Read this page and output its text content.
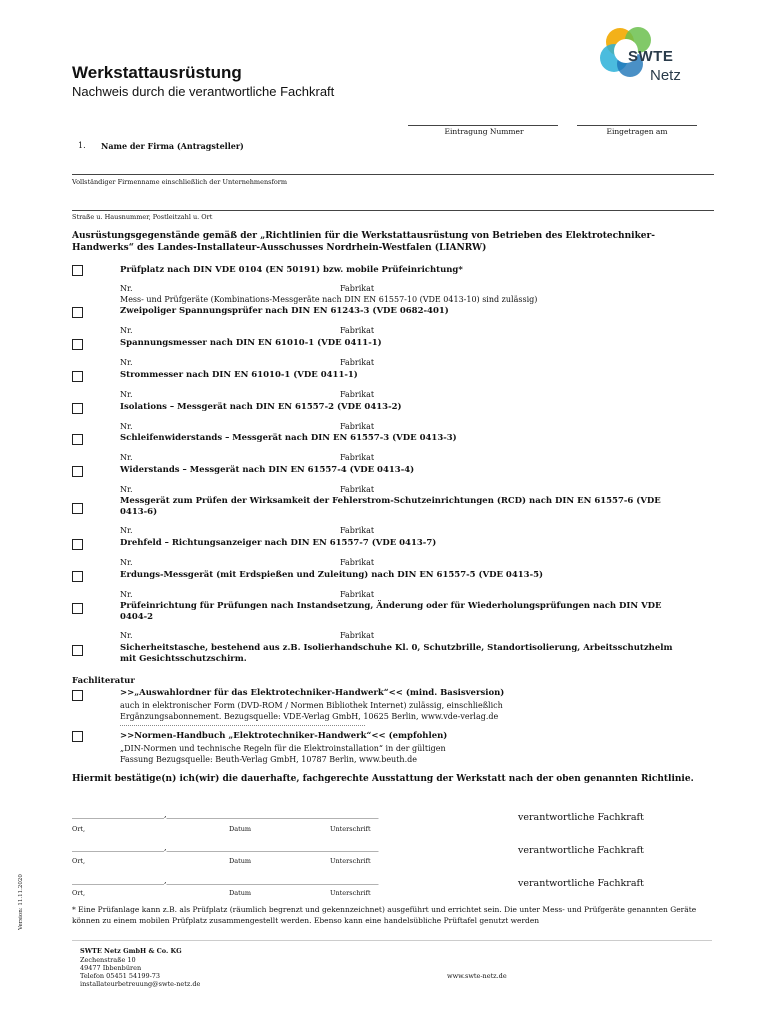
Werkstattausrüstung
Nachweis durch die verantwortliche Fachkraft
SWTE
Netz
Eintragung Nummer	Eingetragen am
1. Name der Firma (Antragsteller)
Vollständiger Firmenname einschließlich der Unternehmensform
Straße u. Hausnummer, Postleitzahl u. Ort
Ausrüstungsgegenstände gemäß der „Richtlinien für die Werkstattausrüstung von Betrieben des Elektrotechniker-Handwerks“ des Landes-Installateur-Ausschusses Nordrhein-Westfalen (LIANRW)
Prüfplatz nach DIN VDE 0104 (EN 50191) bzw. mobile Prüfeinrichtung*
Nr.	Fabrikat
Mess- und Prüfgeräte (Kombinations-Messgeräte nach DIN EN 61557-10 (VDE 0413-10) sind zulässig)
Zweipoliger Spannungsprüfer nach DIN EN 61243-3 (VDE 0682-401)
Nr.	Fabrikat
Spannungsmesser nach DIN EN 61010-1 (VDE 0411-1)
Nr.	Fabrikat
Strommesser nach DIN EN 61010-1 (VDE 0411-1)
Nr.	Fabrikat
Isolations – Messgerät nach DIN EN 61557-2 (VDE 0413-2)
Nr.	Fabrikat
Schleifenwiderstands – Messgerät nach DIN EN 61557-3 (VDE 0413-3)
Nr.	Fabrikat
Widerstands – Messgerät nach DIN EN 61557-4 (VDE 0413-4)
Nr.	Fabrikat
Messgerät zum Prüfen der Wirksamkeit der Fehlerstrom-Schutzeinrichtungen (RCD) nach DIN EN 61557-6 (VDE 0413-6)
Nr.	Fabrikat
Drehfeld – Richtungsanzeiger nach DIN EN 61557-7 (VDE 0413-7)
Nr.	Fabrikat
Erdungs-Messgerät (mit Erdspießen und Zuleitung) nach DIN EN 61557-5 (VDE 0413-5)
Nr.	Fabrikat
Prüfeinrichtung für Prüfungen nach Instandsetzung, Änderung oder für Wiederholungsprüfungen nach DIN VDE 0404-2
Nr.	Fabrikat
Sicherheitstasche, bestehend aus z.B. Isolierhandschuhe Kl. 0, Schutzbrille, Standortisolierung, Arbeitsschutzhelm mit Gesichtsschutzschirm.
Fachliteratur
>>„Auswahlordner für das Elektrotechniker-Handwerk“<< (mind. Basisversion)
auch in elektronischer Form (DVD-ROM / Normen Bibliothek Internet) zulässig, einschließlich
Ergänzungsabonnement. Bezugsquelle: VDE-Verlag GmbH, 10625 Berlin, www.vde-verlag.de
>>Normen-Handbuch „Elektrotechniker-Handwerk“<< (empfohlen)
„DIN-Normen und technische Regeln für die Elektroinstallation“ in der gültigen
Fassung Bezugsquelle: Beuth-Verlag GmbH, 10787 Berlin, www.beuth.de
Hiermit bestätige(n) ich(wir) die dauerhafte, fachgerechte Ausstattung der Werkstatt nach der oben genannten Richtlinie.
_______________________,_____________________________________________________	verantwortliche Fachkraft
Ort,	Datum	Unterschrift
_______________________,_____________________________________________________	verantwortliche Fachkraft
Ort,	Datum	Unterschrift
_______________________,_____________________________________________________	verantwortliche Fachkraft
Ort,	Datum	Unterschrift
* Eine Prüfanlage kann z.B. als Prüfplatz (räumlich begrenzt und gekennzeichnet) ausgeführt und errichtet sein. Die unter Mess- und Prüfgeräte genannten Geräte können zu einem mobilen Prüfplatz zusammengestellt werden. Ebenso kann eine handelsübliche Prüftafel genutzt werden
SWTE Netz GmbH & Co. KG
Zechenstraße 10
49477 Ibbenbüren
Telefon 05451 54199-73
installateurbetreuung@swte-netz.de
www.swte-netz.de
Version: 11.11.2020
